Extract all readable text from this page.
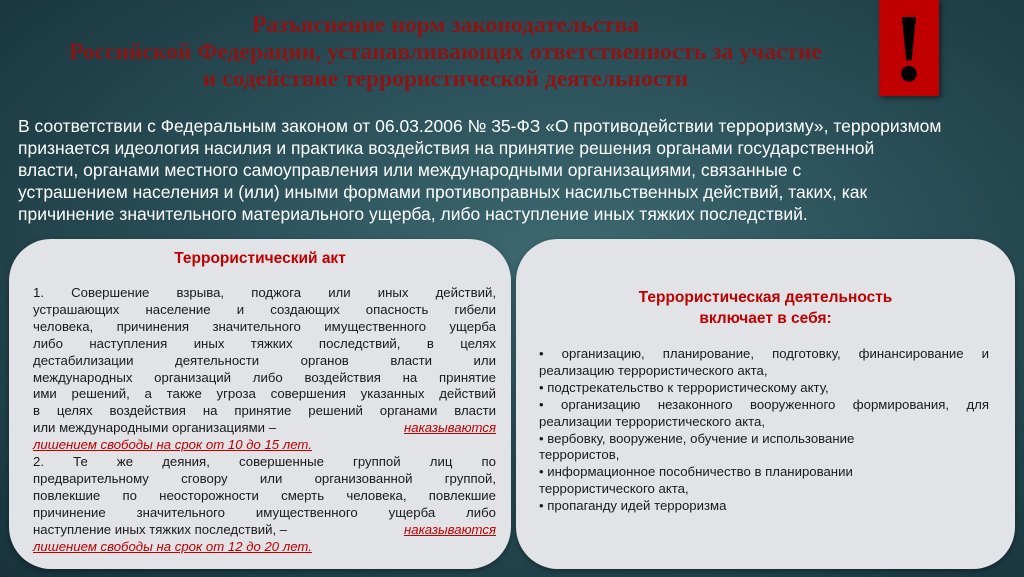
Разъяснение норм законодательства
Российской Федерации, устанавливающих ответственность за участие
и содействие террористической деятельности	!
В соответствии с Федеральным законом от 06.03.2006 № 35-ФЗ «О противодействии терроризму», терроризмом
признается идеология насилия и практика воздействия на принятие решения органами государственной
власти, органами местного самоуправления или международными организациями, связанные с
устрашением населения и (или) иными формами противоправных насильственных действий, таких, как
причинение значительного материального ущерба, либо наступление иных тяжких последствий.
Террористический акт
1. Совершение взрыва, поджога или иных действий,
устрашающих население и создающих опасность гибели
человека, причинения значительного имущественного ущерба
либо наступления иных тяжких последствий, в целях
дестабилизации деятельности органов власти или
международных организаций либо воздействия на принятие
ими решений, а также угроза совершения указанных действий
в целях воздействия на принятие решений органами власти
или международными организациями –	наказываются
лишением свободы на срок от 10 до 15 лет.
2. Те же деяния, совершенные группой лиц по
предварительному сговору или организованной группой,
повлекшие по неосторожности смерть человека, повлекшие
причинение значительного имущественного ущерба либо
наступление иных тяжких последствий, –	наказываются
лишением свободы на срок от 12 до 20 лет.
Террористическая деятельность
включает в себя:
• организацию, планирование, подготовку, финансирование и
реализацию террористического акта,
• подстрекательство к террористическому акту,
• организацию незаконного вооруженного формирования, для
реализации террористического акта,
• вербовку, вооружение, обучение и использование
террористов,
• информационное пособничество в планировании
террористического акта,
• пропаганду идей терроризма
